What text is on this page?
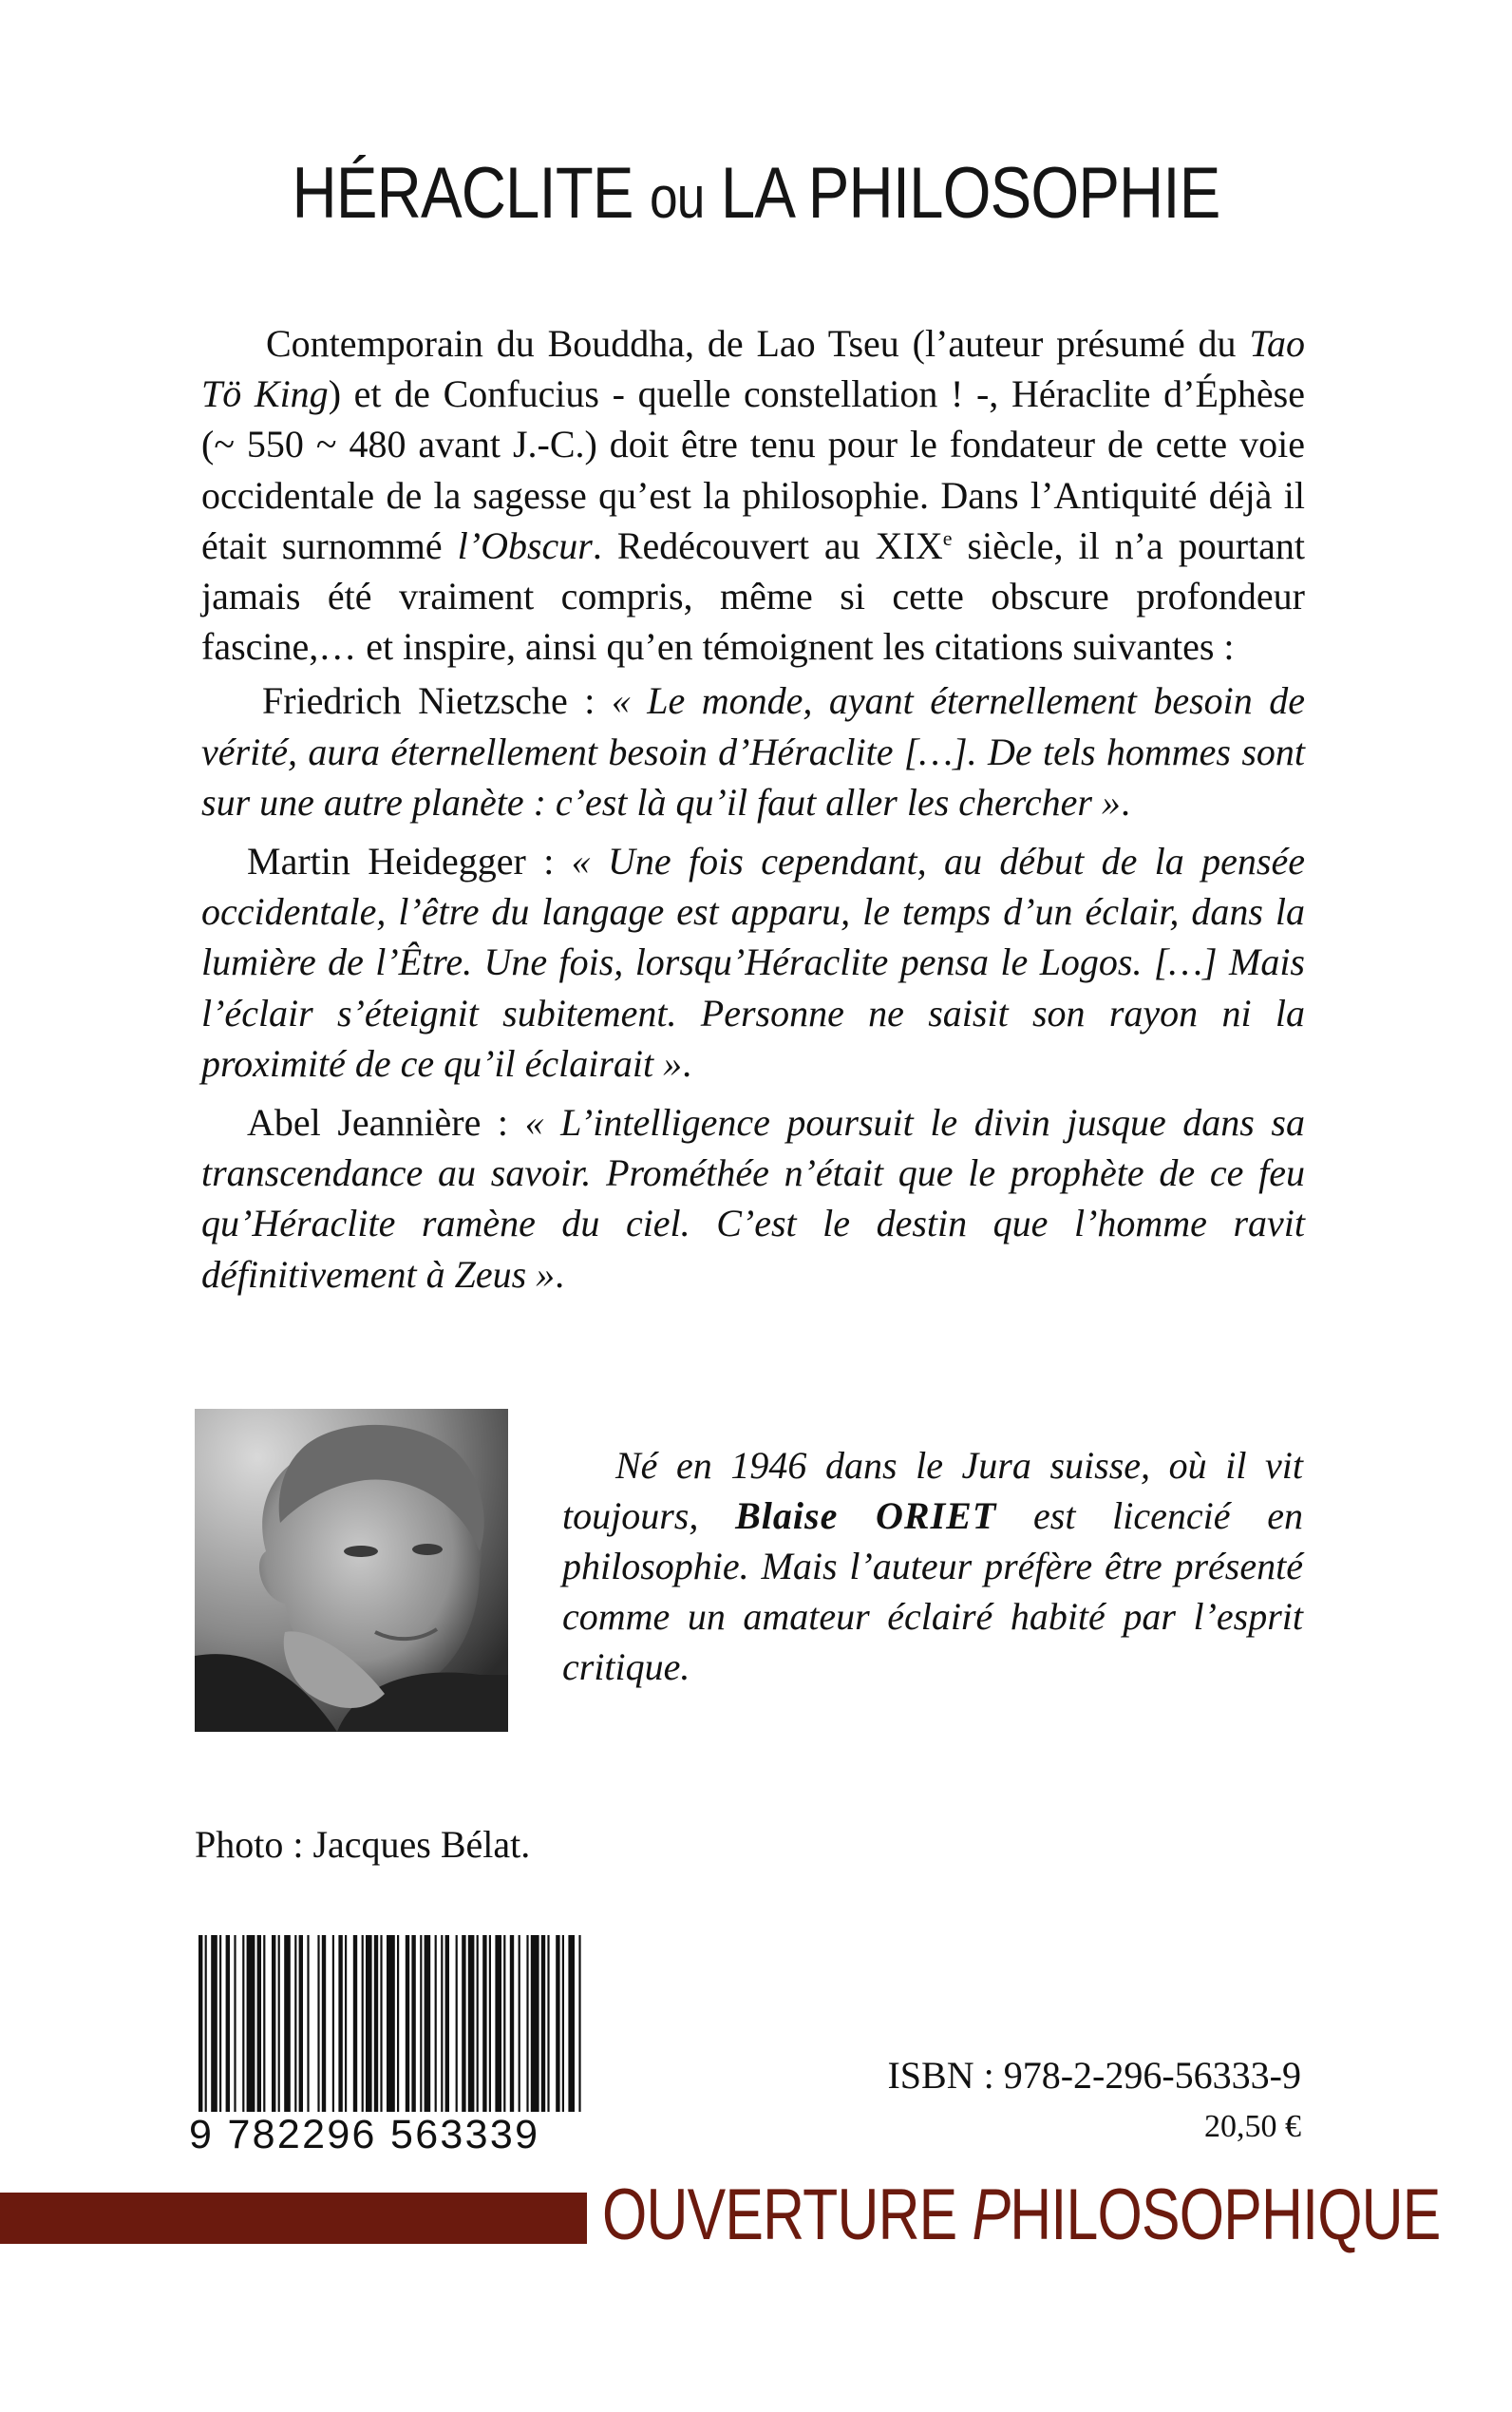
HÉRACLITE ou LA PHILOSOPHIE

Contemporain du Bouddha, de Lao Tseu (l’auteur présumé du Tao Tö King) et de Confucius - quelle constellation ! -, Héraclite d’Éphèse (~ 550 ~ 480 avant J.-C.) doit être tenu pour le fondateur de cette voie occidentale de la sagesse qu’est la philosophie. Dans l’Antiquité déjà il était surnommé l’Obscur. Redécouvert au XIXe siècle, il n’a pourtant jamais été vraiment compris, même si cette obscure profondeur fascine,… et inspire, ainsi qu’en témoignent les citations suivantes :

Friedrich Nietzsche : « Le monde, ayant éternellement besoin de vérité, aura éternellement besoin d’Héraclite […]. De tels hommes sont sur une autre planète : c’est là qu’il faut aller les chercher ».

Martin Heidegger : « Une fois cependant, au début de la pensée occidentale, l’être du langage est apparu, le temps d’un éclair, dans la lumière de l’Être. Une fois, lorsqu’Héraclite pensa le Logos. […] Mais l’éclair s’éteignit subitement. Personne ne saisit son rayon ni la proximité de ce qu’il éclairait ».

Abel Jeannière : « L’intelligence poursuit le divin jusque dans sa transcendance au savoir. Prométhée n’était que le prophète de ce feu qu’Héraclite ramène du ciel. C’est le destin que l’homme ravit définitivement à Zeus ».

Né en 1946 dans le Jura suisse, où il vit toujours, Blaise ORIET est licencié en philosophie. Mais l’auteur préfère être présenté comme un amateur éclairé habité par l’esprit critique.

Photo : Jacques Bélat.
9 782296 563339
ISBN : 978-2-296-56333-9
20,50 €
OUVERTURE PHILOSOPHIQUE
